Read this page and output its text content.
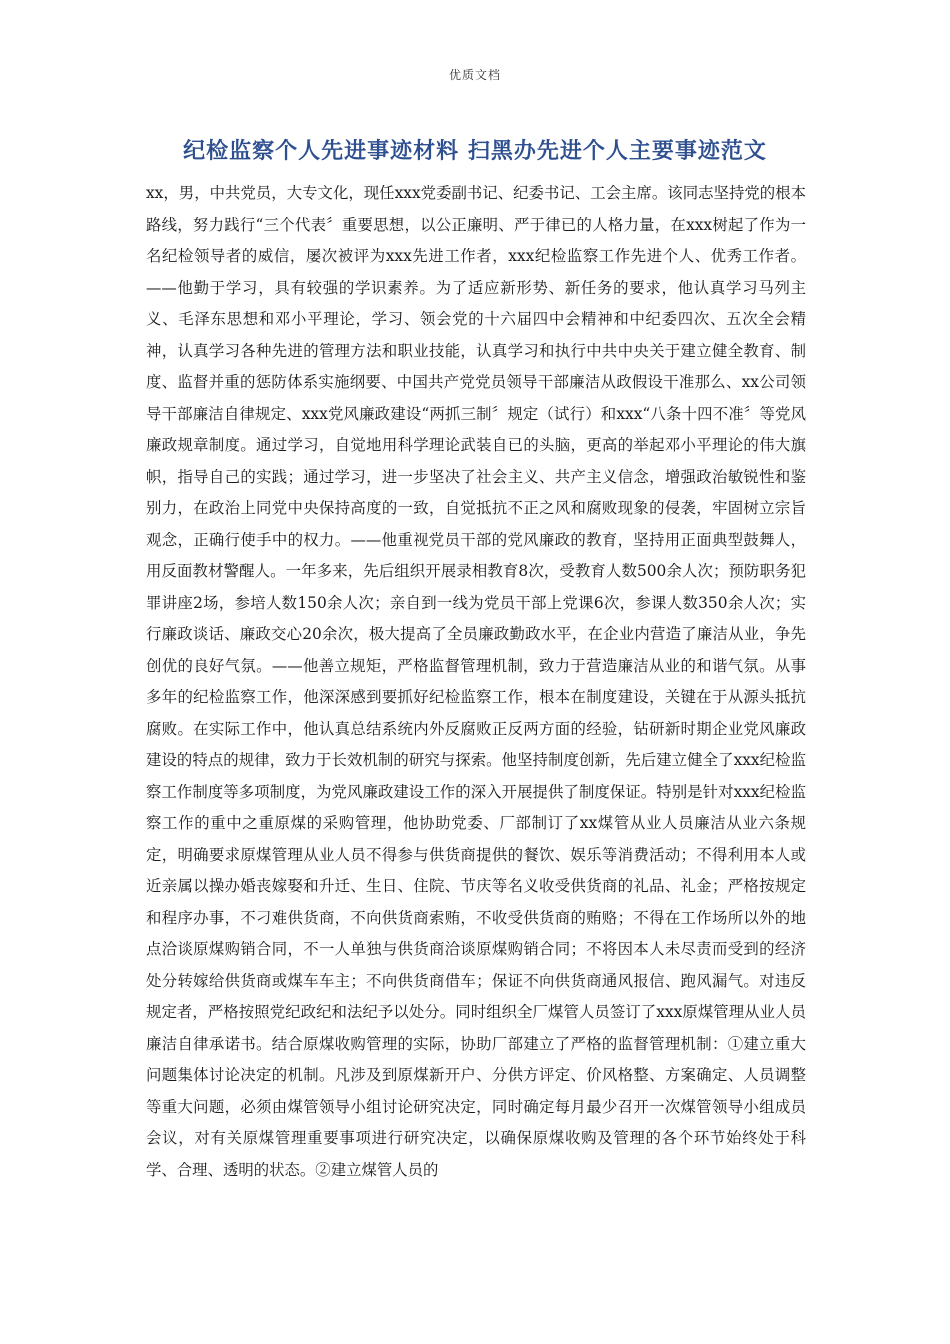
优质文档
纪检监察个人先进事迹材料 扫黑办先进个人主要事迹范文

xx，男，中共党员，大专文化，现任xxx党委副书记、纪委书记、工会主席。该同志坚持党的根本路线，努力践行“三个代表〞重要思想，以公正廉明、严于律已的人格力量，在xxx树起了作为一名纪检领导者的威信，屡次被评为xxx先进工作者，xxx纪检监察工作先进个人、优秀工作者。——他勤于学习，具有较强的学识素养。为了适应新形势、新任务的要求，他认真学习马列主义、毛泽东思想和邓小平理论，学习、领会党的十六届四中会精神和中纪委四次、五次全会精神，认真学习各种先进的管理方法和职业技能，认真学习和执行中共中央关于建立健全教育、制度、监督并重的惩防体系实施纲要、中国共产党党员领导干部廉洁从政假设干准那么、xx公司领导干部廉洁自律规定、xxx党风廉政建设“两抓三制〞规定（试行）和xxx“八条十四不准〞等党风廉政规章制度。通过学习，自觉地用科学理论武装自已的头脑，更高的举起邓小平理论的伟大旗帜，指导自己的实践；通过学习，进一步坚决了社会主义、共产主义信念，增强政治敏锐性和鉴别力，在政治上同党中央保持高度的一致，自觉抵抗不正之风和腐败现象的侵袭，牢固树立宗旨观念，正确行使手中的权力。——他重视党员干部的党风廉政的教育，坚持用正面典型鼓舞人，用反面教材警醒人。一年多来，先后组织开展录相教育8次，受教育人数500余人次；预防职务犯罪讲座2场，参培人数150余人次；亲自到一线为党员干部上党课6次，参课人数350余人次；实行廉政谈话、廉政交心20余次，极大提高了全员廉政勤政水平，在企业内营造了廉洁从业，争先创优的良好气氛。——他善立规矩，严格监督管理机制，致力于营造廉洁从业的和谐气氛。从事多年的纪检监察工作，他深深感到要抓好纪检监察工作，根本在制度建设，关键在于从源头抵抗腐败。在实际工作中，他认真总结系统内外反腐败正反两方面的经验，钻研新时期企业党风廉政建设的特点的规律，致力于长效机制的研究与探索。他坚持制度创新，先后建立健全了xxx纪检监察工作制度等多项制度，为党风廉政建设工作的深入开展提供了制度保证。特别是针对xxx纪检监察工作的重中之重原煤的采购管理，他协助党委、厂部制订了xx煤管从业人员廉洁从业六条规定，明确要求原煤管理从业人员不得参与供货商提供的餐饮、娱乐等消费活动；不得利用本人或近亲属以操办婚丧嫁娶和升迁、生日、住院、节庆等名义收受供货商的礼品、礼金；严格按规定和程序办事，不刁难供货商，不向供货商索贿，不收受供货商的贿赂；不得在工作场所以外的地点洽谈原煤购销合同，不一人单独与供货商洽谈原煤购销合同；不将因本人未尽责而受到的经济处分转嫁给供货商或煤车车主；不向供货商借车；保证不向供货商通风报信、跑风漏气。对违反规定者，严格按照党纪政纪和法纪予以处分。同时组织全厂煤管人员签订了xxx原煤管理从业人员廉洁自律承诺书。结合原煤收购管理的实际，协助厂部建立了严格的监督管理机制：①建立重大问题集体讨论决定的机制。凡涉及到原煤新开户、分供方评定、价风格整、方案确定、人员调整等重大问题，必须由煤管领导小组讨论研究决定，同时确定每月最少召开一次煤管领导小组成员会议，对有关原煤管理重要事项进行研究决定，以确保原煤收购及管理的各个环节始终处于科学、合理、透明的状态。②建立煤管人员的
